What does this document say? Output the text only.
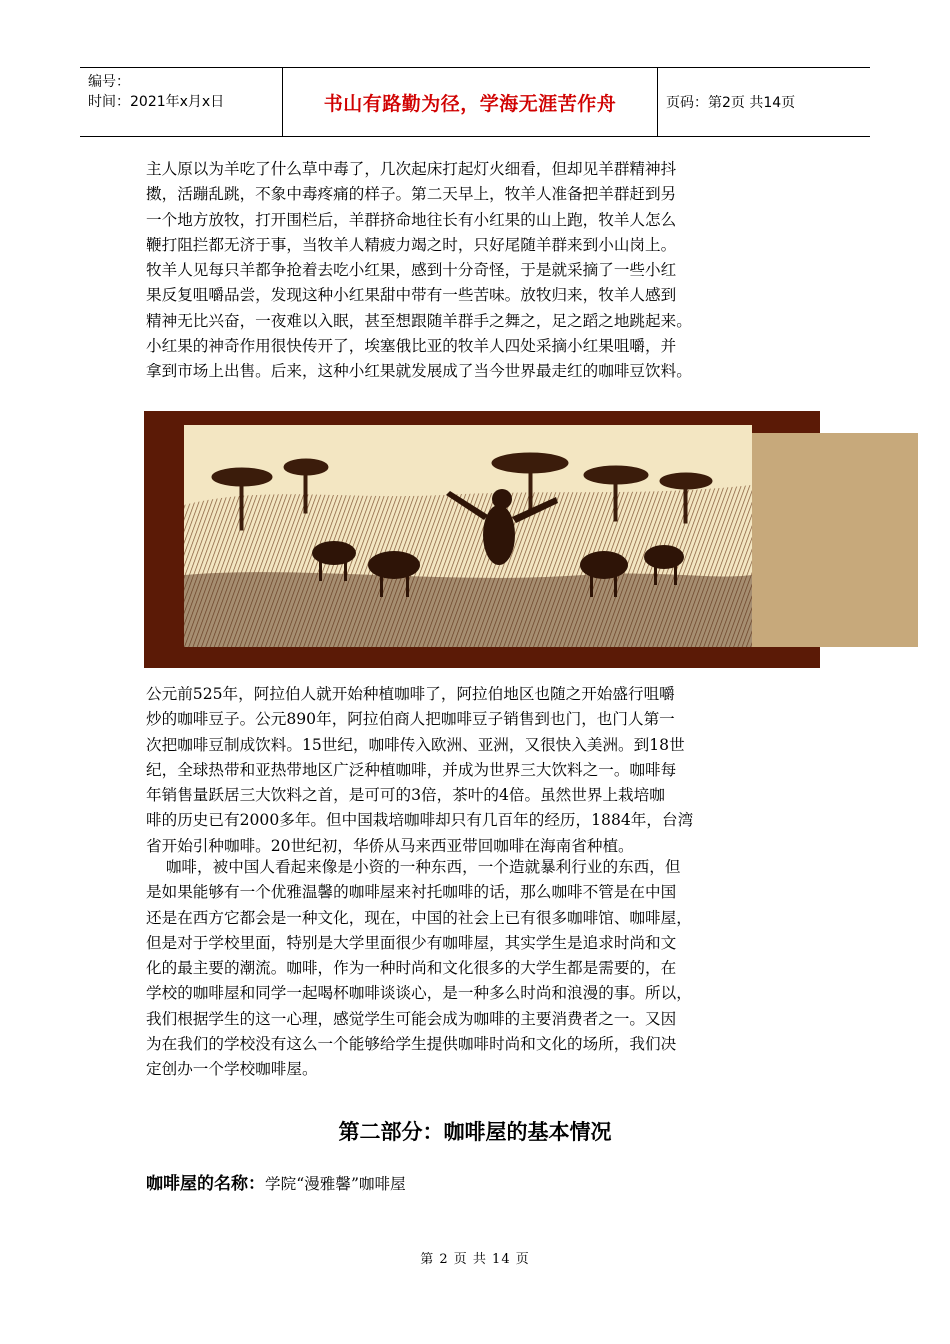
编号：
时间：2021年x月x日	书山有路勤为径，学海无涯苦作舟	页码：第2页 共14页

主人原以为羊吃了什么草中毒了，几次起床打起灯火细看，但却见羊群精神抖

擞，活蹦乱跳，不象中毒疼痛的样子。第二天早上，牧羊人准备把羊群赶到另

一个地方放牧，打开围栏后，羊群挤命地往长有小红果的山上跑，牧羊人怎么

鞭打阻拦都无济于事，当牧羊人精疲力竭之时，只好尾随羊群来到小山岗上。

牧羊人见每只羊都争抢着去吃小红果，感到十分奇怪，于是就采摘了一些小红

果反复咀嚼品尝，发现这种小红果甜中带有一些苦味。放牧归来，牧羊人感到

精神无比兴奋，一夜难以入眠，甚至想跟随羊群手之舞之，足之蹈之地跳起来。

小红果的神奇作用很快传开了，埃塞俄比亚的牧羊人四处采摘小红果咀嚼，并

拿到市场上出售。后来，这种小红果就发展成了当今世界最走红的咖啡豆饮料。

公元前525年，阿拉伯人就开始种植咖啡了，阿拉伯地区也随之开始盛行咀嚼

炒的咖啡豆子。公元890年，阿拉伯商人把咖啡豆子销售到也门，也门人第一

次把咖啡豆制成饮料。15世纪，咖啡传入欧洲、亚洲，又很快入美洲。到18世

纪，全球热带和亚热带地区广泛种植咖啡，并成为世界三大饮料之一。咖啡每

年销售量跃居三大饮料之首，是可可的3倍，茶叶的4倍。虽然世界上栽培咖

啡的历史已有2000多年。但中国栽培咖啡却只有几百年的经历，1884年，台湾

省开始引种咖啡。20世纪初，华侨从马来西亚带回咖啡在海南省种植。

咖啡，被中国人看起来像是小资的一种东西，一个造就暴利行业的东西，但

是如果能够有一个优雅温馨的咖啡屋来衬托咖啡的话，那么咖啡不管是在中国

还是在西方它都会是一种文化，现在，中国的社会上已有很多咖啡馆、咖啡屋，

但是对于学校里面，特别是大学里面很少有咖啡屋，其实学生是追求时尚和文

化的最主要的潮流。咖啡，作为一种时尚和文化很多的大学生都是需要的，在

学校的咖啡屋和同学一起喝杯咖啡谈谈心，是一种多么时尚和浪漫的事。所以，

我们根据学生的这一心理，感觉学生可能会成为咖啡的主要消费者之一。又因

为在我们的学校没有这么一个能够给学生提供咖啡时尚和文化的场所，我们决

定创办一个学校咖啡屋。

第二部分：咖啡屋的基本情况
咖啡屋的名称：学院“漫雅馨”咖啡屋
第 2 页 共 14 页
